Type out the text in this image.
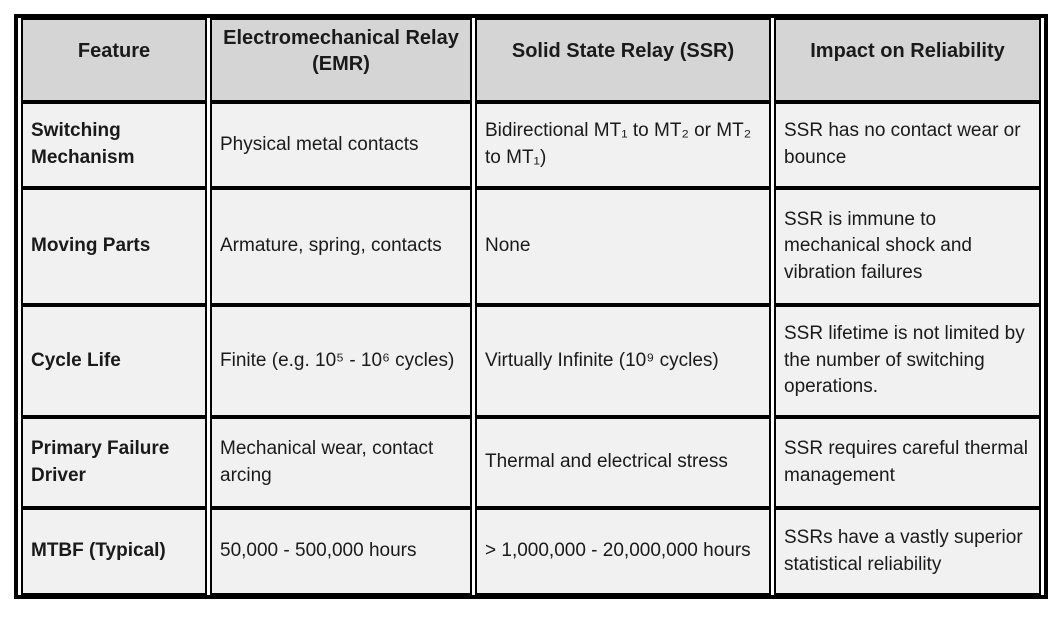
Feature	Electromechanical Relay (EMR)	Solid State Relay (SSR)	Impact on Reliability
Switching Mechanism	Physical metal contacts	Bidirectional MT₁ to MT₂ or MT₂ to MT₁)	SSR has no contact wear or bounce
Moving Parts	Armature, spring, contacts	None	SSR is immune to mechanical shock and vibration failures
Cycle Life	Finite (e.g. 10⁵ - 10⁶ cycles)	Virtually Infinite (10⁹ cycles)	SSR lifetime is not limited by the number of switching operations.
Primary Failure Driver	Mechanical wear, contact arcing	Thermal and electrical stress	SSR requires careful thermal management
MTBF (Typical)	50,000 - 500,000 hours	> 1,000,000 - 20,000,000 hours	SSRs have a vastly superior statistical reliability
